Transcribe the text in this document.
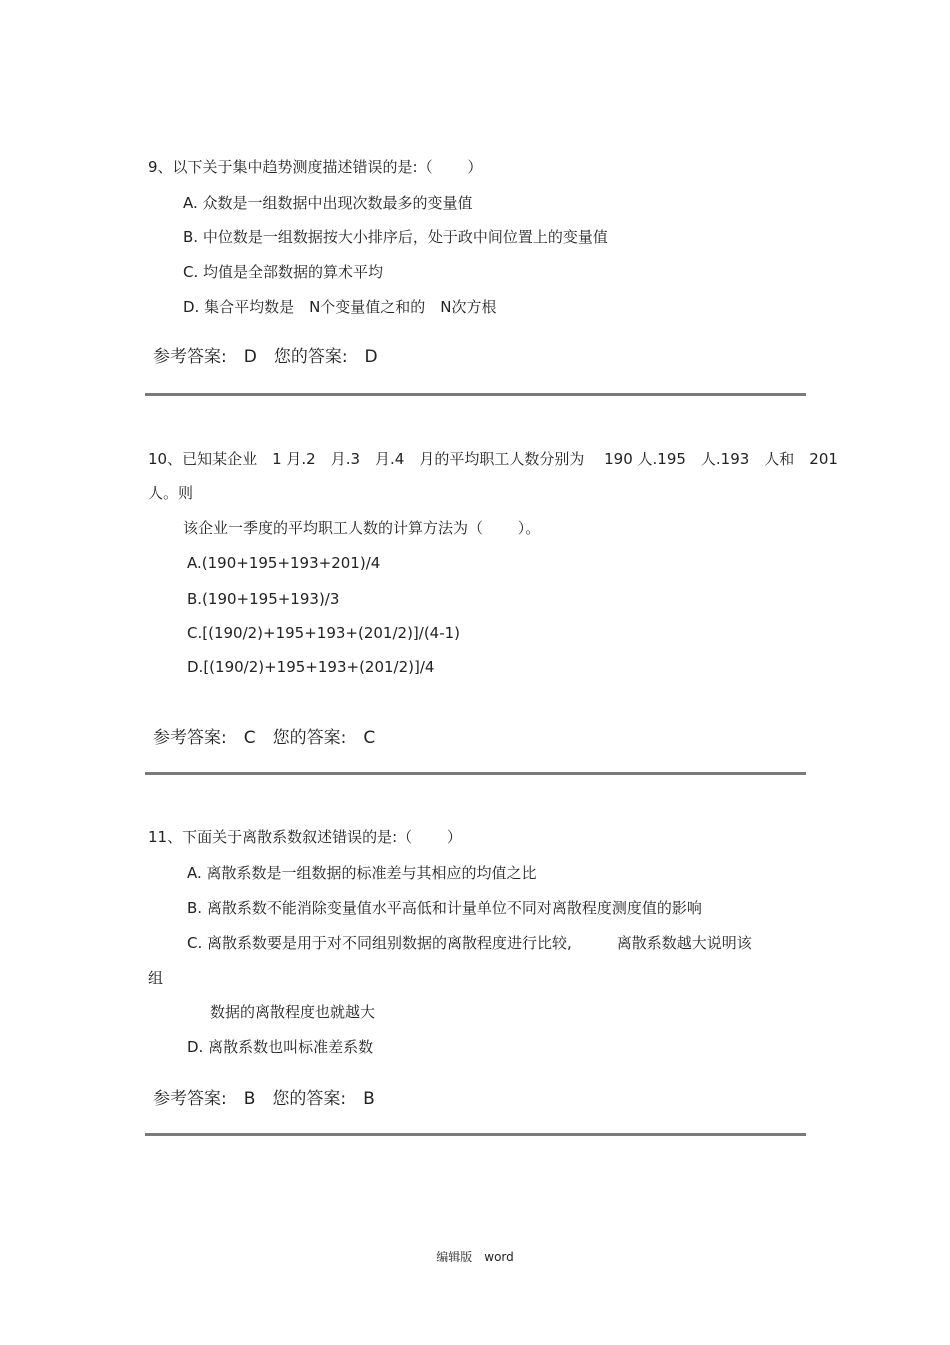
9、以下关于集中趋势测度描述错误的是:（　　 ）
A. 众数是一组数据中出现次数最多的变量值
B. 中位数是一组数据按大小排序后，处于政中间位置上的变量值
C. 均值是全部数据的算术平均
D. 集合平均数是　N个变量值之和的　N次方根
参考答案:　D　您的答案:　D
10、已知某企业　1 月.2　月.3　月.4　月的平均职工人数分别为　 190 人.195　人.193　人和　201
人。则
该企业一季度的平均职工人数的计算方法为（　　 ）。
A.(190+195+193+201)/4
B.(190+195+193)/3
C.[(190/2)+195+193+(201/2)]/(4-1)
D.[(190/2)+195+193+(201/2)]/4
参考答案:　C　您的答案:　C
11、下面关于离散系数叙述错误的是:（　　 ）
A. 离散系数是一组数据的标准差与其相应的均值之比
B. 离散系数不能消除变量值水平高低和计量单位不同对离散程度测度值的影响
C. 离散系数要是用于对不同组别数据的离散程度进行比较,　　　离散系数越大说明该
组
数据的离散程度也就越大
D. 离散系数也叫标准差系数
参考答案:　B　您的答案:　B
编辑版　word
